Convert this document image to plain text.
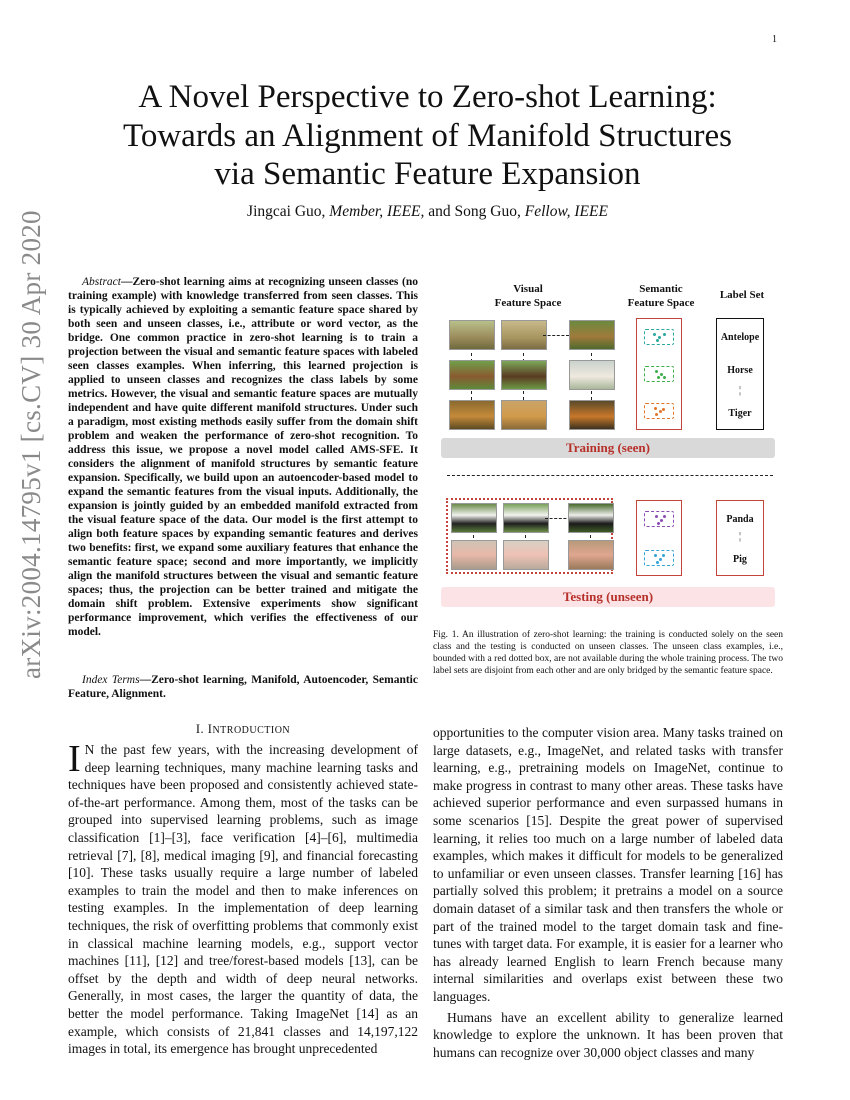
1
arXiv:2004.14795v1 [cs.CV] 30 Apr 2020
A Novel Perspective to Zero-shot Learning:
Towards an Alignment of Manifold Structures
via Semantic Feature Expansion
Jingcai Guo, Member, IEEE, and Song Guo, Fellow, IEEE
Abstract—Zero-shot learning aims at recognizing unseen classes (no training example) with knowledge transferred from seen classes. This is typically achieved by exploiting a semantic feature space shared by both seen and unseen classes, i.e., attribute or word vector, as the bridge. One common practice in zero-shot learning is to train a projection between the visual and semantic feature spaces with labeled seen classes examples. When inferring, this learned projection is applied to unseen classes and recognizes the class labels by some metrics. However, the visual and semantic feature spaces are mutually independent and have quite different manifold structures. Under such a paradigm, most existing methods easily suffer from the domain shift problem and weaken the performance of zero-shot recognition. To address this issue, we propose a novel model called AMS-SFE. It considers the alignment of manifold structures by semantic feature expansion. Specifically, we build upon an autoencoder-based model to expand the semantic features from the visual inputs. Additionally, the expansion is jointly guided by an embedded manifold extracted from the visual feature space of the data. Our model is the first attempt to align both feature spaces by expanding semantic features and derives two benefits: first, we expand some auxiliary features that enhance the semantic feature space; second and more importantly, we implicitly align the manifold structures between the visual and semantic feature spaces; thus, the projection can be better trained and mitigate the domain shift problem. Extensive experiments show significant performance improvement, which verifies the effectiveness of our model.
Index Terms—Zero-shot learning, Manifold, Autoencoder, Semantic Feature, Alignment.
I. INTRODUCTION
I N the past few years, with the increasing development of deep learning techniques, many machine learning tasks and techniques have been proposed and consistently achieved state-of-the-art performance. Among them, most of the tasks can be grouped into supervised learning problems, such as image classification [1]–[3], face verification [4]–[6], multimedia retrieval [7], [8], medical imaging [9], and financial forecasting [10]. These tasks usually require a large number of labeled examples to train the model and then to make inferences on testing examples. In the implementation of deep learning techniques, the risk of overfitting problems that commonly exist in classical machine learning models, e.g., support vector machines [11], [12] and tree/forest-based models [13], can be offset by the depth and width of deep neural networks. Generally, in most cases, the larger the quantity of data, the better the model performance. Taking ImageNet [14] as an example, which consists of 21,841 classes and 14,197,122 images in total, its emergence has brought unprecedented

opportunities to the computer vision area. Many tasks trained on large datasets, e.g., ImageNet, and related tasks with transfer learning, e.g., pretraining models on ImageNet, continue to make progress in contrast to many other areas. These tasks have achieved superior performance and even surpassed humans in some scenarios [15]. Despite the great power of supervised learning, it relies too much on a large number of labeled data examples, which makes it difficult for models to be generalized to unfamiliar or even unseen classes. Transfer learning [16] has partially solved this problem; it pretrains a model on a source domain dataset of a similar task and then transfers the whole or part of the trained model to the target domain task and fine-tunes with target data. For example, it is easier for a learner who has already learned English to learn French because many internal similarities and overlaps exist between these two languages.

Humans have an excellent ability to generalize learned knowledge to explore the unknown. It has been proven that humans can recognize over 30,000 object classes and many

Visual
Feature Space
Semantic
Feature Space
Label Set
Antelope
Horse
¦
Tiger
Training (seen)
Panda
¦
Pig
Testing (unseen)
Fig. 1. An illustration of zero-shot learning: the training is conducted solely on the seen class and the testing is conducted on unseen classes. The unseen class examples, i.e., bounded with a red dotted box, are not available during the whole training process. The two label sets are disjoint from each other and are only bridged by the semantic feature space.
